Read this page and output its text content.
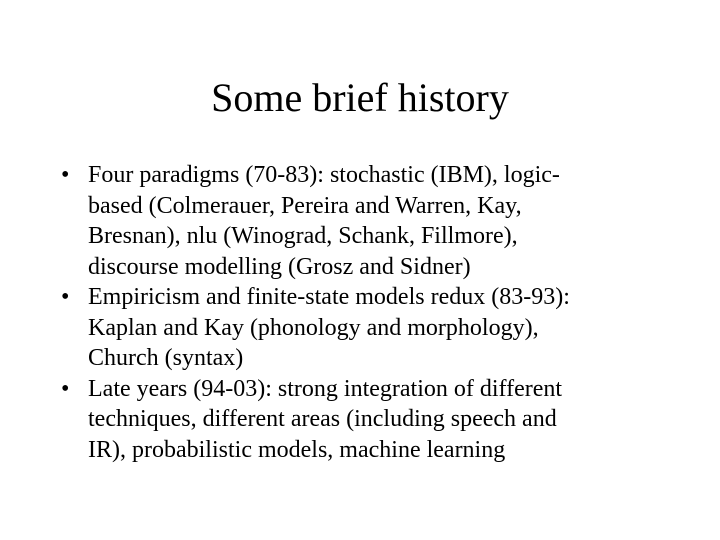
Some brief history
• Four paradigms (70-83): stochastic (IBM), logic-
based (Colmerauer, Pereira and Warren, Kay,
Bresnan), nlu (Winograd, Schank, Fillmore),
discourse modelling (Grosz and Sidner)
• Empiricism and finite-state models redux (83-93):
Kaplan and Kay (phonology and morphology),
Church (syntax)
• Late years (94-03): strong integration of different
techniques, different areas (including speech and
IR), probabilistic models, machine learning
